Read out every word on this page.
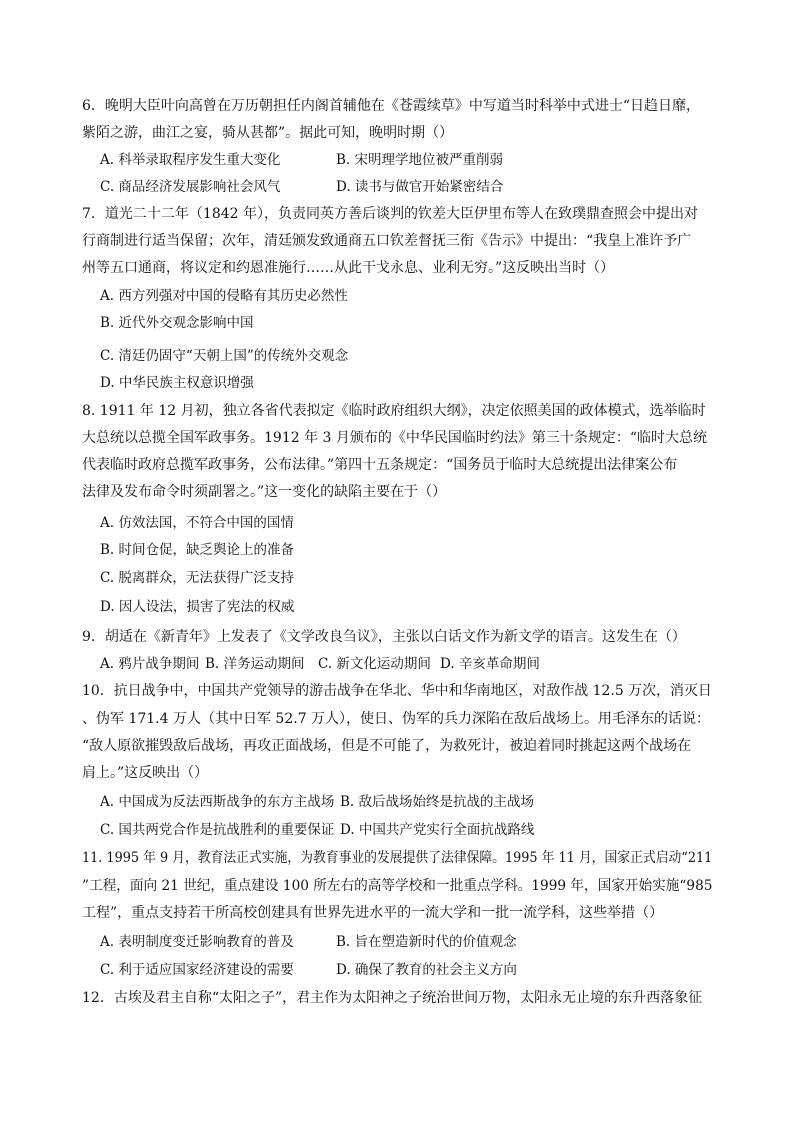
6．晚明大臣叶向高曾在万历朝担任内阁首辅他在《苍霞续草》中写道当时科举中式进士“日趋日靡，
紫陌之游，曲江之宴，骑从甚都”。据此可知，晚明时期（）
A. 科举录取程序发生重大变化	B. 宋明理学地位被严重削弱
C. 商品经济发展影响社会风气	D. 读书与做官开始紧密结合
7．道光二十二年（1842 年），负责同英方善后谈判的钦差大臣伊里布等人在致璞鼎查照会中提出对
行商制进行适当保留；次年，清廷颁发致通商五口钦差督抚三衔《告示》中提出：“我皇上准许予广
州等五口通商，将议定和约恩准施行……从此干戈永息、业利无穷。”这反映出当时（）
A. 西方列强对中国的侵略有其历史必然性
B. 近代外交观念影响中国
C. 清廷仍固守“天朝上国”的传统外交观念
D. 中华民族主权意识增强
8. 1911 年 12 月初，独立各省代表拟定《临时政府组织大纲》，决定依照美国的政体模式，选举临时
大总统以总揽全国军政事务。1912 年 3 月颁布的《中华民国临时约法》第三十条规定：“临时大总统
代表临时政府总揽军政事务，公布法律。”第四十五条规定：“国务员于临时大总统提出法律案公布
法律及发布命令时须副署之。”这一变化的缺陷主要在于（）
A. 仿效法国，不符合中国的国情
B. 时间仓促，缺乏舆论上的准备
C. 脱离群众，无法获得广泛支持
D. 因人设法，损害了宪法的权威
9．胡适在《新青年》上发表了《文学改良刍议》，主张以白话文作为新文学的语言。这发生在（）
A. 鸦片战争期间 B. 洋务运动期间 C. 新文化运动期间 D. 辛亥革命期间
10．抗日战争中，中国共产党领导的游击战争在华北、华中和华南地区，对敌作战 12.5 万次，消灭日
、伪军 171.4 万人（其中日军 52.7 万人），使日、伪军的兵力深陷在敌后战场上。用毛泽东的话说：
“敌人原欲摧毁敌后战场，再攻正面战场，但是不可能了，为救死计，被迫着同时挑起这两个战场在
肩上。”这反映出（）
A. 中国成为反法西斯战争的东方主战场 B. 敌后战场始终是抗战的主战场
C. 国共两党合作是抗战胜利的重要保证 D. 中国共产党实行全面抗战路线
11. 1995 年 9 月，教育法正式实施，为教育事业的发展提供了法律保障。1995 年 11 月，国家正式启动“211
”工程，面向 21 世纪，重点建设 100 所左右的高等学校和一批重点学科。1999 年，国家开始实施“985
工程”，重点支持若干所高校创建具有世界先进水平的一流大学和一批一流学科，这些举措（）
A. 表明制度变迁影响教育的普及	B. 旨在塑造新时代的价值观念
C. 利于适应国家经济建设的需要	D. 确保了教育的社会主义方向
12．古埃及君主自称“太阳之子”，君主作为太阳神之子统治世间万物，太阳永无止境的东升西落象征
